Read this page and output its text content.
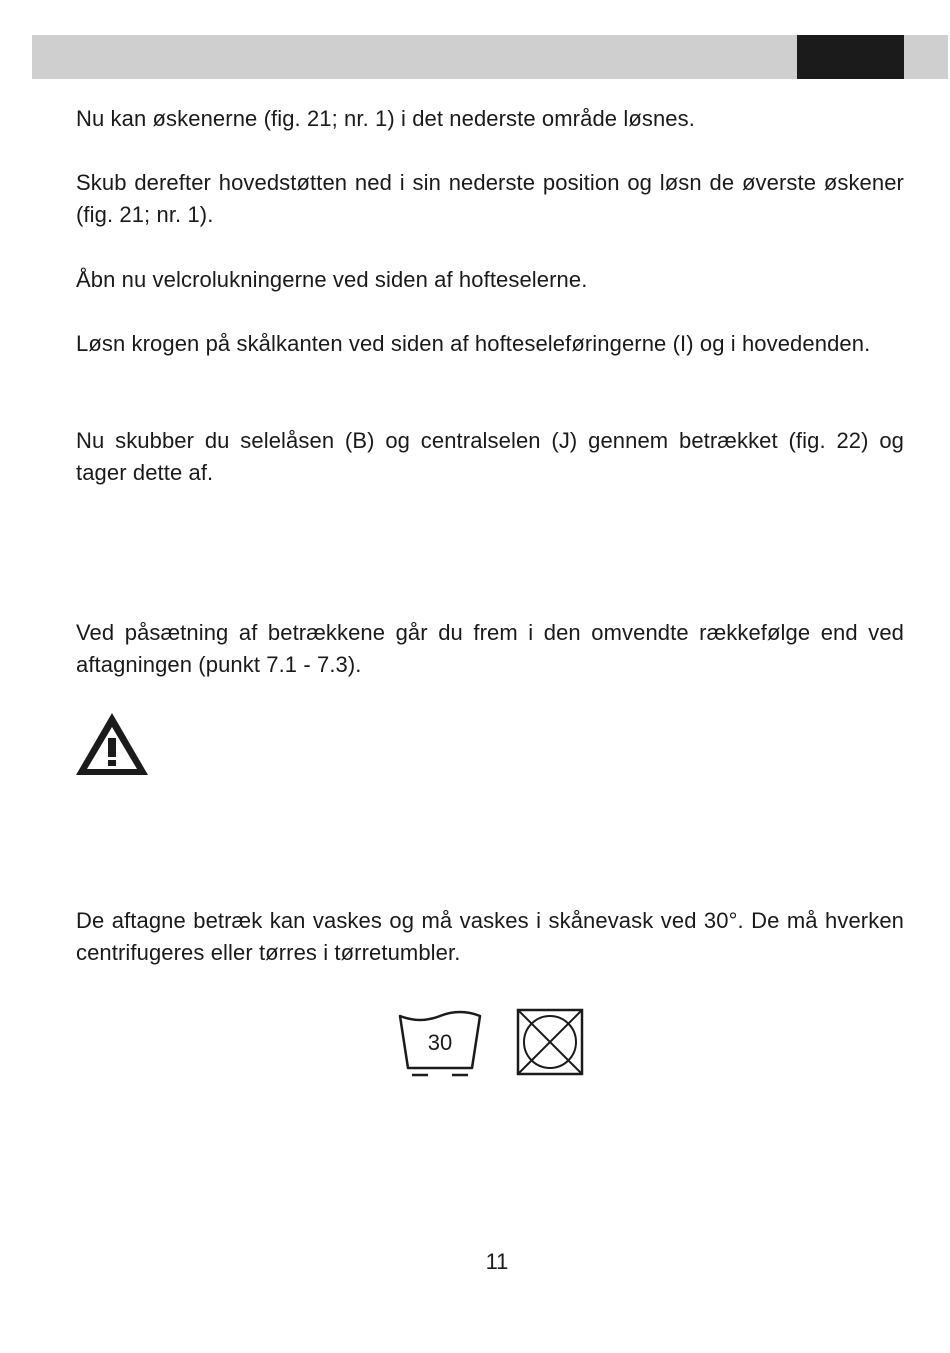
Nu kan øskenerne (fig. 21; nr. 1) i det nederste område løsnes.

Skub derefter hovedstøtten ned i sin nederste position og løsn de øverste øskener (fig. 21; nr. 1).

Åbn nu velcrolukningerne ved siden af hofteselerne.

Løsn krogen på skålkanten ved siden af hofteseleføringerne (I) og i hovedenden.

Nu skubber du selelåsen (B) og centralselen (J) gennem betrækket (fig. 22) og tager dette af.

Ved påsætning af betrækkene går du frem i den omvendte rækkefølge end ved aftagningen (punkt 7.1 - 7.3).

De aftagne betræk kan vaskes og må vaskes i skånevask ved 30°. De må hverken centrifugeres eller tørres i tørretumbler.

30
11
